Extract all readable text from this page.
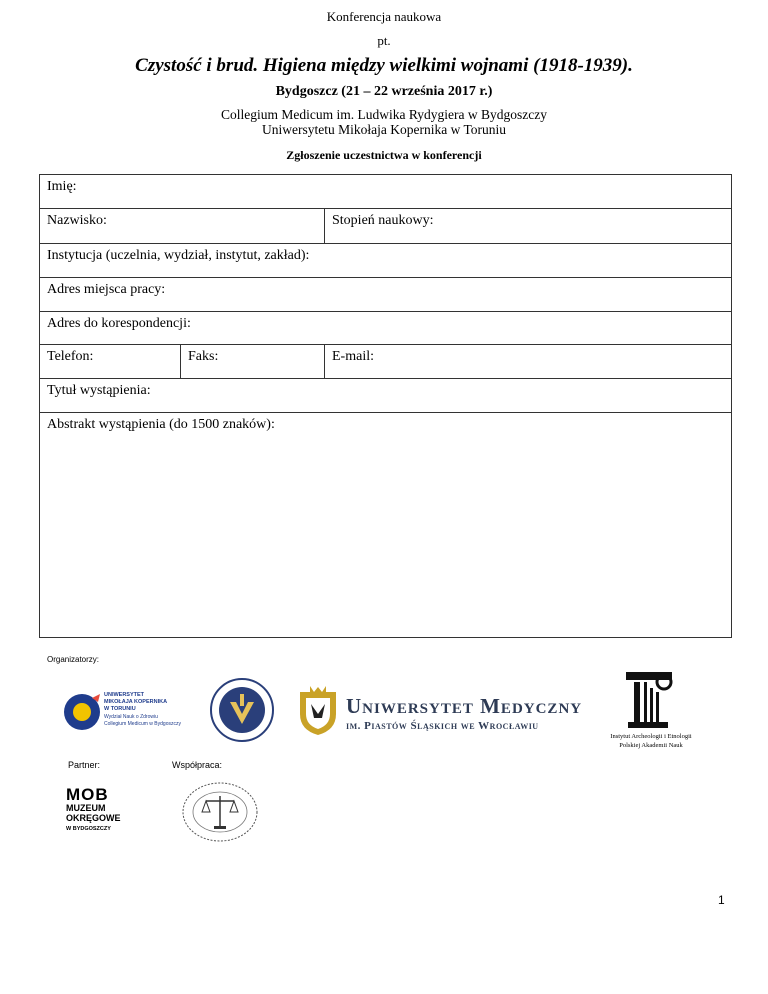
Konferencja naukowa
pt.
Czystość i brud. Higiena między wielkimi wojnami (1918-1939).
Bydgoszcz (21 – 22 września 2017 r.)
Collegium Medicum im. Ludwika Rydygiera w Bydgoszczy
Uniwersytetu Mikołaja Kopernika w Toruniu
Zgłoszenie uczestnictwa w konferencji
Imię:
Nazwisko:	Stopień naukowy:
Instytucja (uczelnia, wydział, instytut, zakład):
Adres miejsca pracy:
Adres do korespondencji:
Telefon:	Faks:	E-mail:
Tytuł wystąpienia:
Abstrakt wystąpienia (do 1500 znaków):
Organizatorzy:
UNIWERSYTET
MIKOŁAJA KOPERNIKA
W TORUNIU
Wydział Nauk o Zdrowiu
Collegium Medicum w Bydgoszczy
Uniwersytet Medyczny
im. Piastów Śląskich we Wrocławiu
Instytut Archeologii i Etnologii
Polskiej Akademii Nauk
Partner:	Współpraca:
MOB
MUZEUM
OKRĘGOWE
W BYDGOSZCZY
1
